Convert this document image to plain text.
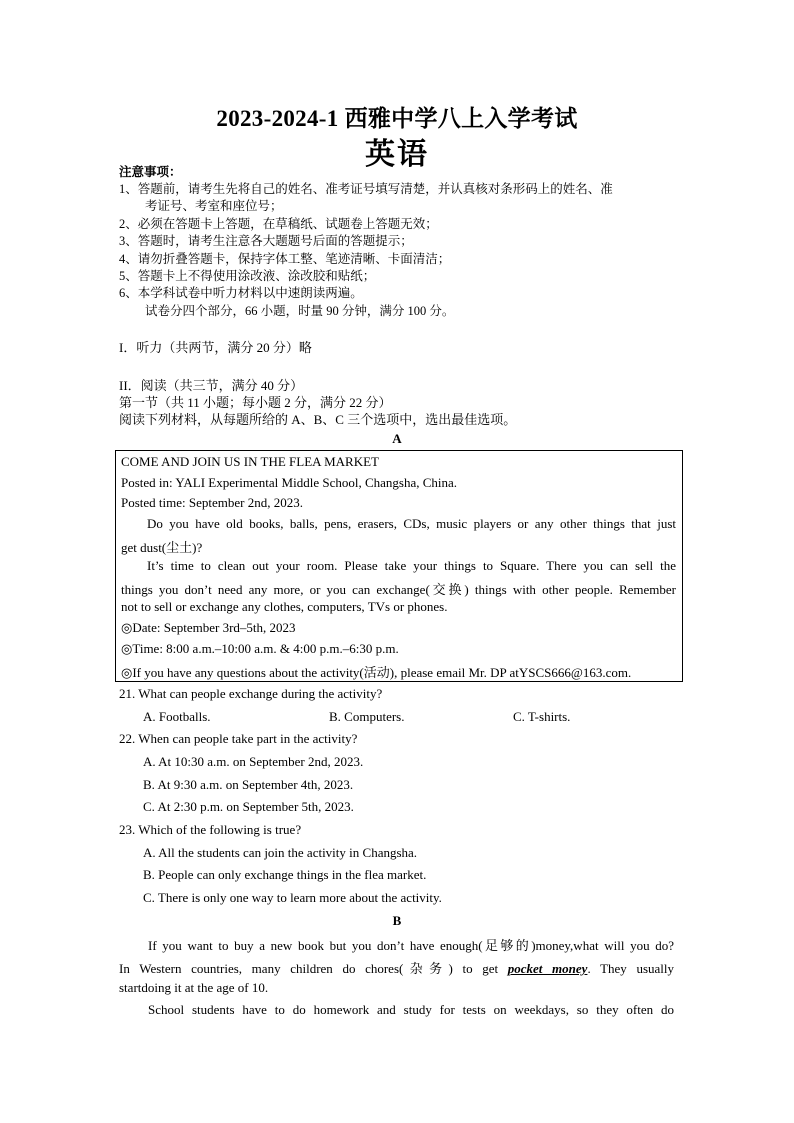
2023-2024-1 西雅中学八上入学考试
英语
注意事项：
1、答题前，请考生先将自己的姓名、准考证号填写清楚，并认真核对条形码上的姓名、准
考证号、考室和座位号；
2、必须在答题卡上答题，在草稿纸、试题卷上答题无效；
3、答题时，请考生注意各大题题号后面的答题提示；
4、请勿折叠答题卡，保持字体工整、笔迹清晰、卡面清洁；
5、答题卡上不得使用涂改液、涂改胶和贴纸；
6、本学科试卷中听力材料以中速朗读两遍。
试卷分四个部分，66 小题，时量 90 分钟，满分 100 分。
I．听力（共两节，满分 20 分）略
II．阅读（共三节，满分 40 分）
第一节（共 11 小题；每小题 2 分，满分 22 分）
阅读下列材料，从每题所给的 A、B、C 三个选项中，选出最佳选项。
A
COME AND JOIN US IN THE FLEA MARKET
Posted in: YALI Experimental Middle School, Changsha, China.
Posted time: September 2nd, 2023.
Do you have old books, balls, pens, erasers, CDs, music players or any other things that just
get dust(尘土)?
It’s time to clean out your room. Please take your things to Square. There you can sell the
things you don’t need any more, or you can exchange(交换) things with other people. Remember
not to sell or exchange any clothes, computers, TVs or phones.
◎Date: September 3rd–5th, 2023
◎Time: 8:00 a.m.–10:00 a.m. & 4:00 p.m.–6:30 p.m.
◎If you have any questions about the activity(活动), please email Mr. DP atYSCS666@163.com.
21. What can people exchange during the activity?
A. Footballs.	B. Computers.	C. T-shirts.
22. When can people take part in the activity?
A. At 10:30 a.m. on September 2nd, 2023.
B. At 9:30 a.m. on September 4th, 2023.
C. At 2:30 p.m. on September 5th, 2023.
23. Which of the following is true?
A. All the students can join the activity in Changsha.
B. People can only exchange things in the flea market.
C. There is only one way to learn more about the activity.
B
If you want to buy a new book but you don’t have enough(足够的)money,what will you do?
In Western countries, many children do chores(杂务) to get pocket money. They usually
startdoing it at the age of 10.
School students have to do homework and study for tests on weekdays, so they often do
